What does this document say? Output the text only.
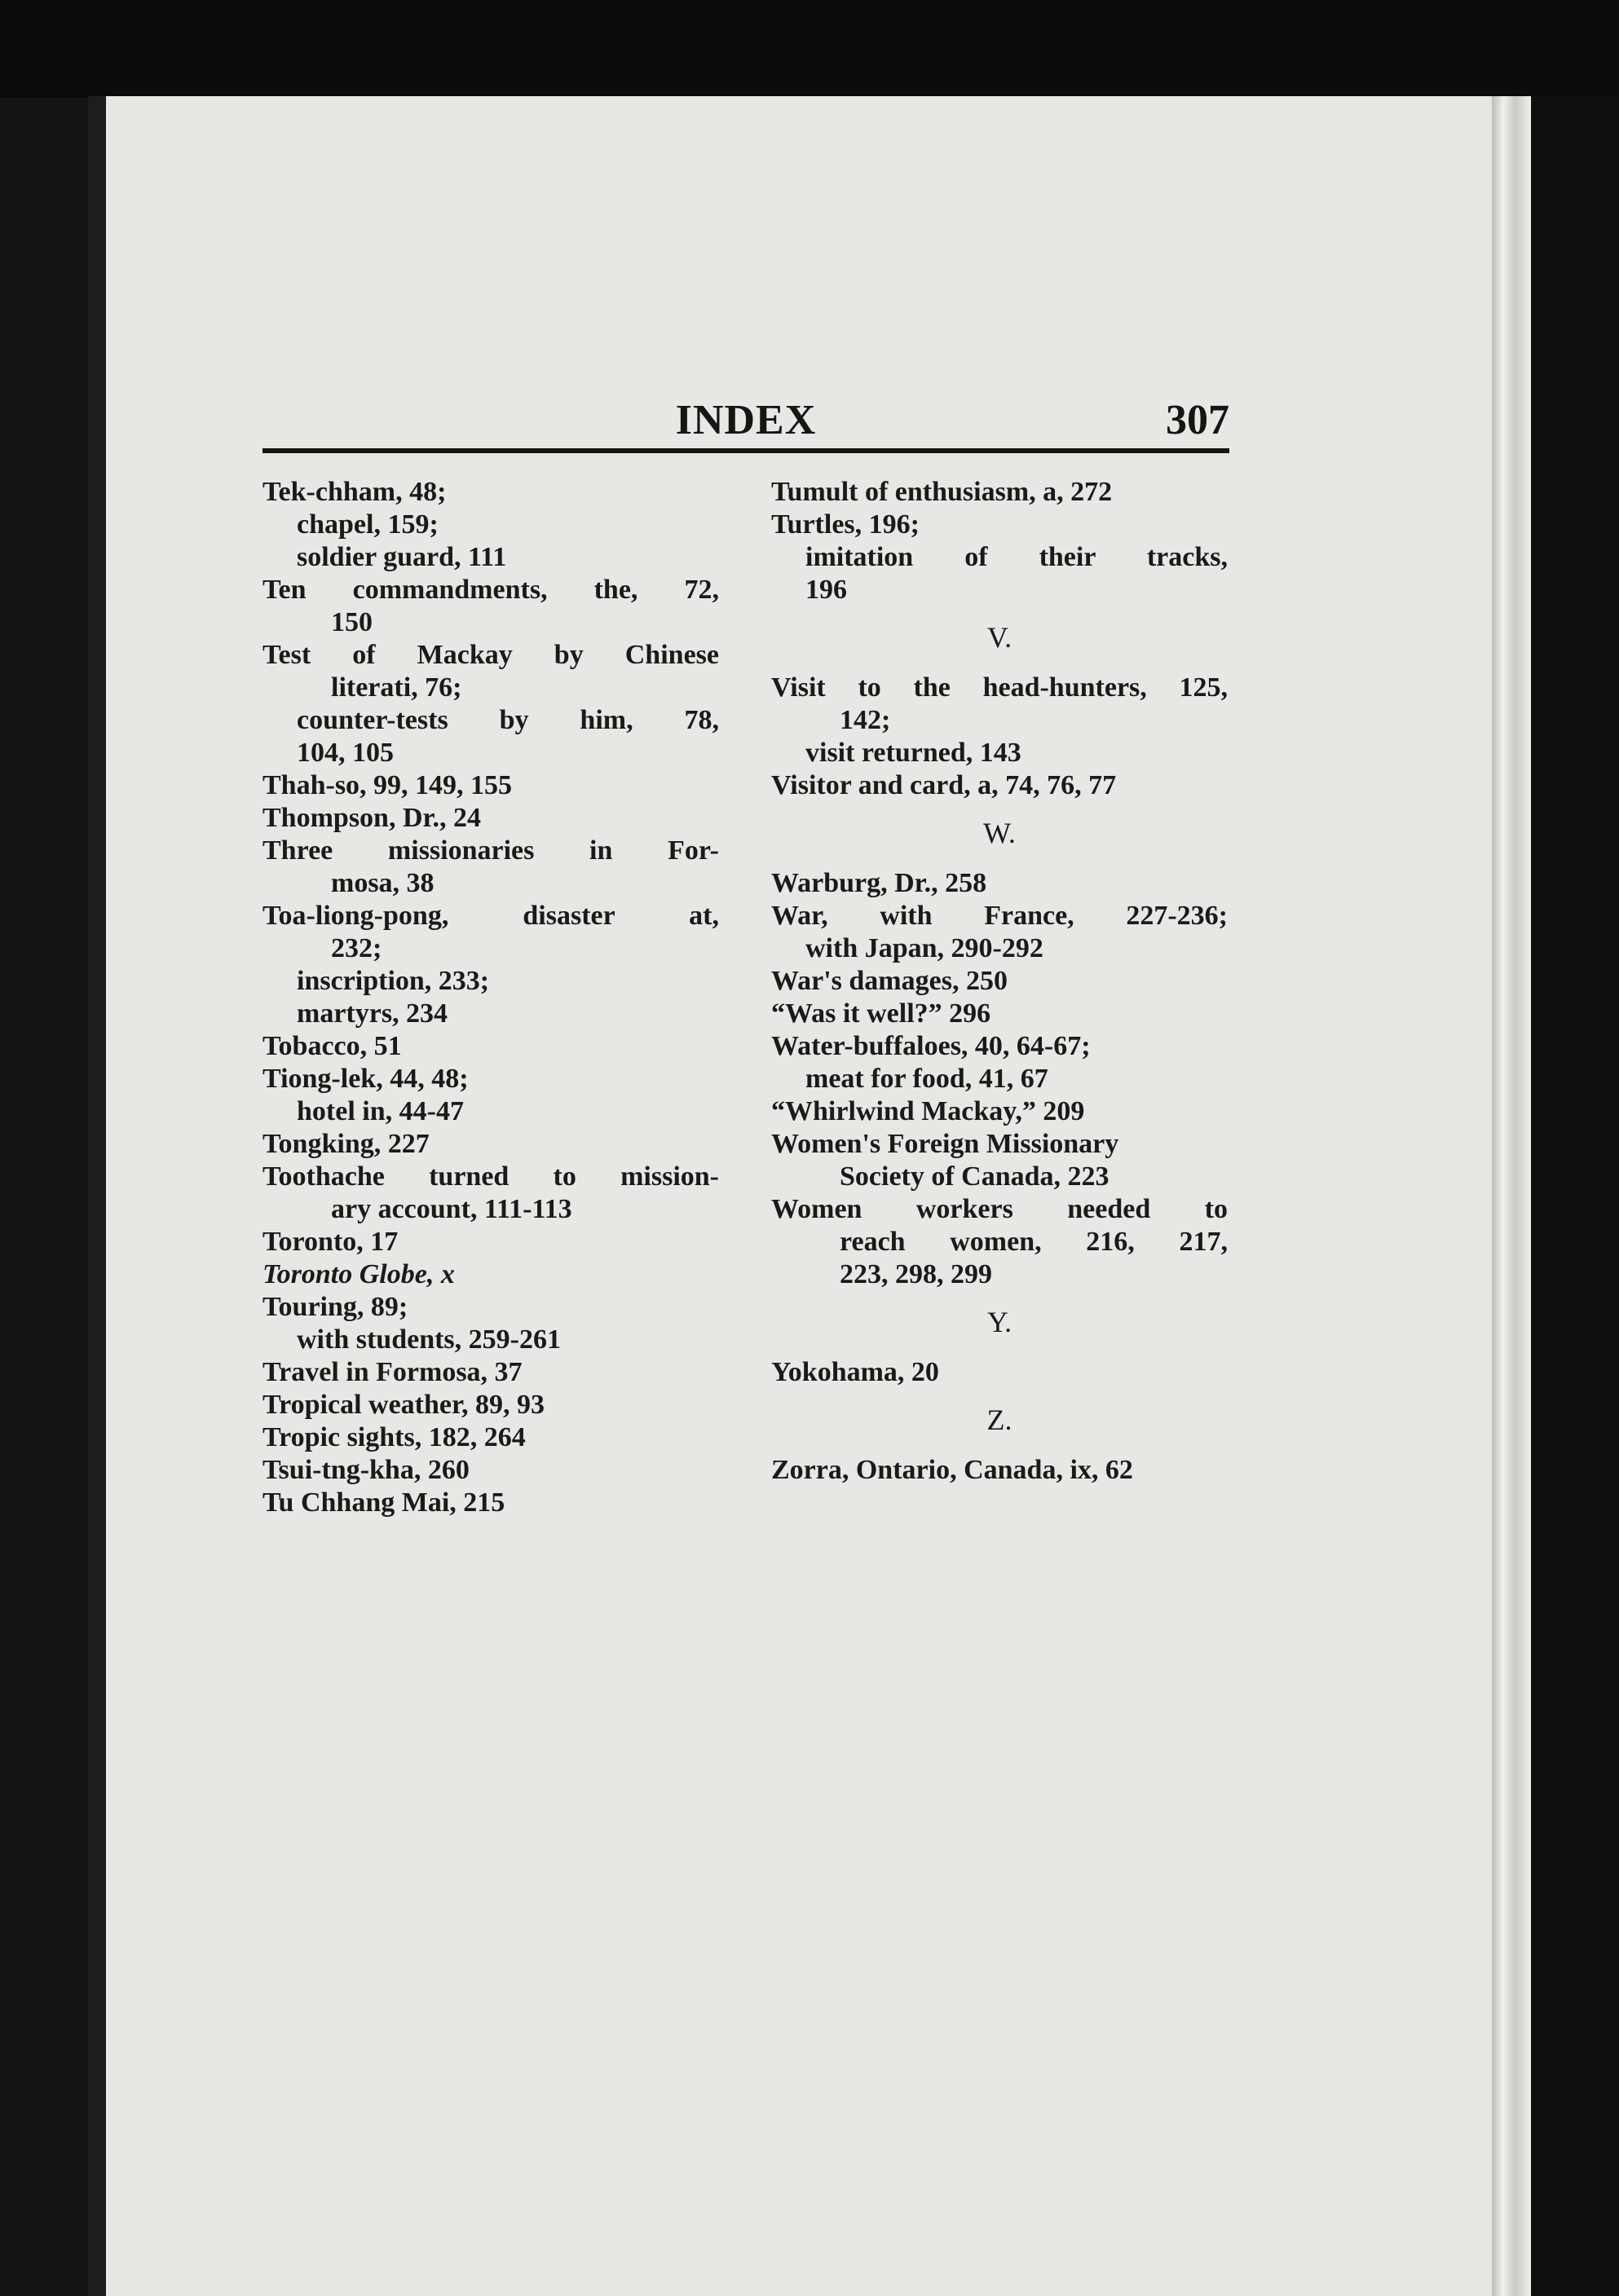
INDEX	307
Tek-chham, 48;
chapel, 159;
soldier guard, 111
Ten commandments, the, 72,
150
Test of Mackay by Chinese
literati, 76;
counter-tests by him, 78,
104, 105
Thah-so, 99, 149, 155
Thompson, Dr., 24
Three missionaries in For-
mosa, 38
Toa-liong-pong, disaster at,
232;
inscription, 233;
martyrs, 234
Tobacco, 51
Tiong-lek, 44, 48;
hotel in, 44-47
Tongking, 227
Toothache turned to mission-
ary account, 111-113
Toronto, 17
Toronto Globe, x
Touring, 89;
with students, 259-261
Travel in Formosa, 37
Tropical weather, 89, 93
Tropic sights, 182, 264
Tsui-tng-kha, 260
Tu Chhang Mai, 215
Tumult of enthusiasm, a, 272
Turtles, 196;
imitation of their tracks,
196
V.
Visit to the head-hunters, 125,
142;
visit returned, 143
Visitor and card, a, 74, 76, 77
W.
Warburg, Dr., 258
War, with France, 227-236;
with Japan, 290-292
War's damages, 250
“Was it well?” 296
Water-buffaloes, 40, 64-67;
meat for food, 41, 67
“Whirlwind Mackay,” 209
Women's Foreign Missionary
Society of Canada, 223
Women workers needed to
reach women, 216, 217,
223, 298, 299
Y.
Yokohama, 20
Z.
Zorra, Ontario, Canada, ix, 62
